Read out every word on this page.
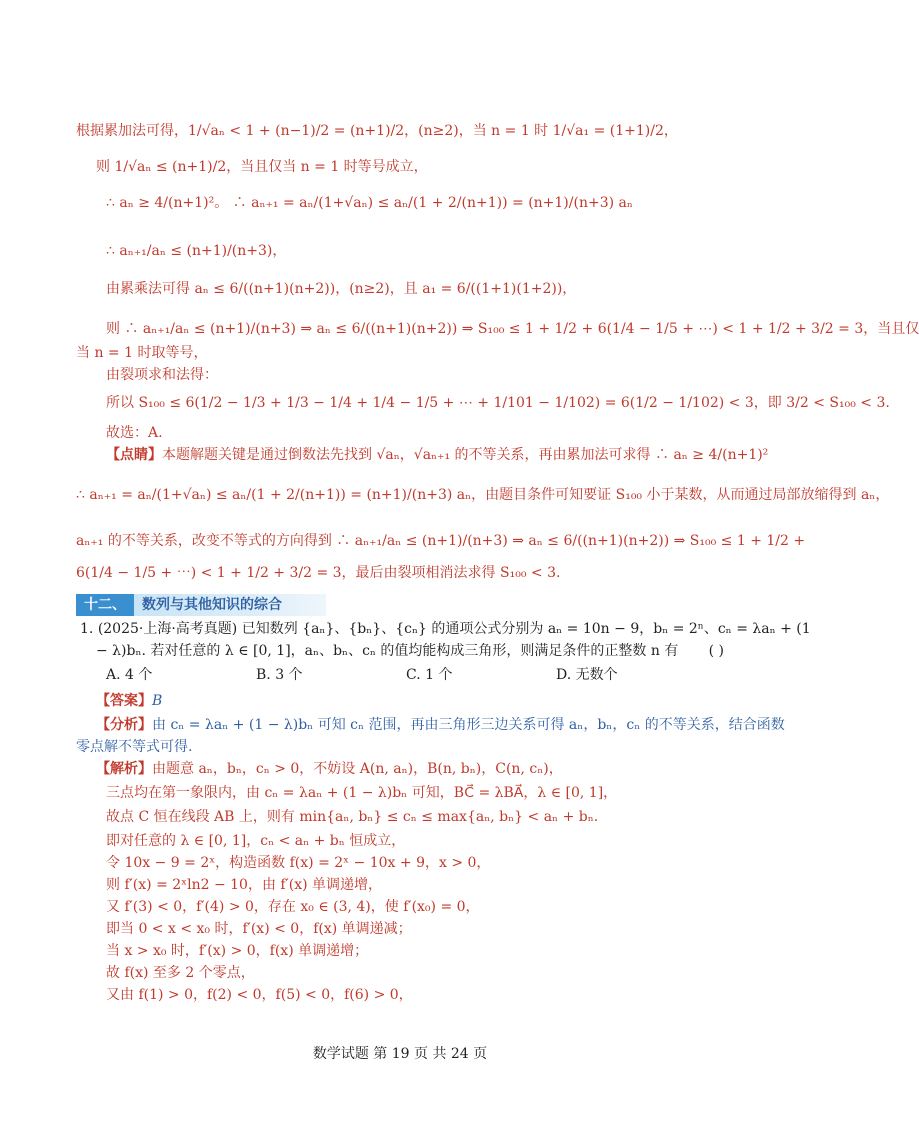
根据累加法可得，1/√aₙ < 1 + (n−1)/2 = (n+1)/2，(n≥2)，当 n = 1 时 1/√a₁ = (1+1)/2，
则 1/√aₙ ≤ (n+1)/2，当且仅当 n = 1 时等号成立，
∴ aₙ ≥ 4/(n+1)²。 ∴ aₙ₊₁ = aₙ/(1+√aₙ) ≤ aₙ/(1 + 2/(n+1)) = (n+1)/(n+3) aₙ
∴ aₙ₊₁/aₙ ≤ (n+1)/(n+3)，
由累乘法可得 aₙ ≤ 6/((n+1)(n+2))，(n≥2)，且 a₁ = 6/((1+1)(1+2))，
则 ∴ aₙ₊₁/aₙ ≤ (n+1)/(n+3) ⇒ aₙ ≤ 6/((n+1)(n+2)) ⇒ S₁₀₀ ≤ 1 + 1/2 + 6(1/4 − 1/5 + ⋯) < 1 + 1/2 + 3/2 = 3，当且仅
当 n = 1 时取等号，
由裂项求和法得：
所以 S₁₀₀ ≤ 6(1/2 − 1/3 + 1/3 − 1/4 + 1/4 − 1/5 + ⋯ + 1/101 − 1/102) = 6(1/2 − 1/102) < 3，即 3/2 < S₁₀₀ < 3.
故选：A.
【点睛】本题解题关键是通过倒数法先找到 √aₙ，√aₙ₊₁ 的不等关系，再由累加法可求得 ∴ aₙ ≥ 4/(n+1)²
∴ aₙ₊₁ = aₙ/(1+√aₙ) ≤ aₙ/(1 + 2/(n+1)) = (n+1)/(n+3) aₙ，由题目条件可知要证 S₁₀₀ 小于某数，从而通过局部放缩得到 aₙ，
aₙ₊₁ 的不等关系，改变不等式的方向得到 ∴ aₙ₊₁/aₙ ≤ (n+1)/(n+3) ⇒ aₙ ≤ 6/((n+1)(n+2)) ⇒ S₁₀₀ ≤ 1 + 1/2 +
6(1/4 − 1/5 + ⋯) < 1 + 1/2 + 3/2 = 3，最后由裂项相消法求得 S₁₀₀ < 3.
十二、	数列与其他知识的综合
1. (2025·上海·高考真题) 已知数列 {aₙ}、{bₙ}、{cₙ} 的通项公式分别为 aₙ = 10n − 9，bₙ = 2ⁿ、cₙ = λaₙ + (1
− λ)bₙ. 若对任意的 λ ∈ [0, 1]，aₙ、bₙ、cₙ 的值均能构成三角形，则满足条件的正整数 n 有 ( )
A. 4 个	B. 3 个	C. 1 个	D. 无数个
【答案】B
【分析】由 cₙ = λaₙ + (1 − λ)bₙ 可知 cₙ 范围，再由三角形三边关系可得 aₙ，bₙ，cₙ 的不等关系，结合函数
零点解不等式可得.
【解析】由题意 aₙ，bₙ，cₙ > 0，不妨设 A(n, aₙ)，B(n, bₙ)，C(n, cₙ)，
三点均在第一象限内，由 cₙ = λaₙ + (1 − λ)bₙ 可知，BC⃗ = λBA⃗，λ ∈ [0, 1]，
故点 C 恒在线段 AB 上，则有 min{aₙ, bₙ} ≤ cₙ ≤ max{aₙ, bₙ} < aₙ + bₙ.
即对任意的 λ ∈ [0, 1]，cₙ < aₙ + bₙ 恒成立，
令 10x − 9 = 2ˣ，构造函数 f(x) = 2ˣ − 10x + 9，x > 0，
则 f′(x) = 2ˣln2 − 10，由 f′(x) 单调递增，
又 f′(3) < 0，f′(4) > 0，存在 x₀ ∈ (3, 4)，使 f′(x₀) = 0，
即当 0 < x < x₀ 时，f′(x) < 0，f(x) 单调递减；
当 x > x₀ 时，f′(x) > 0，f(x) 单调递增；
故 f(x) 至多 2 个零点，
又由 f(1) > 0，f(2) < 0，f(5) < 0，f(6) > 0，
数学试题 第 19 页 共 24 页
